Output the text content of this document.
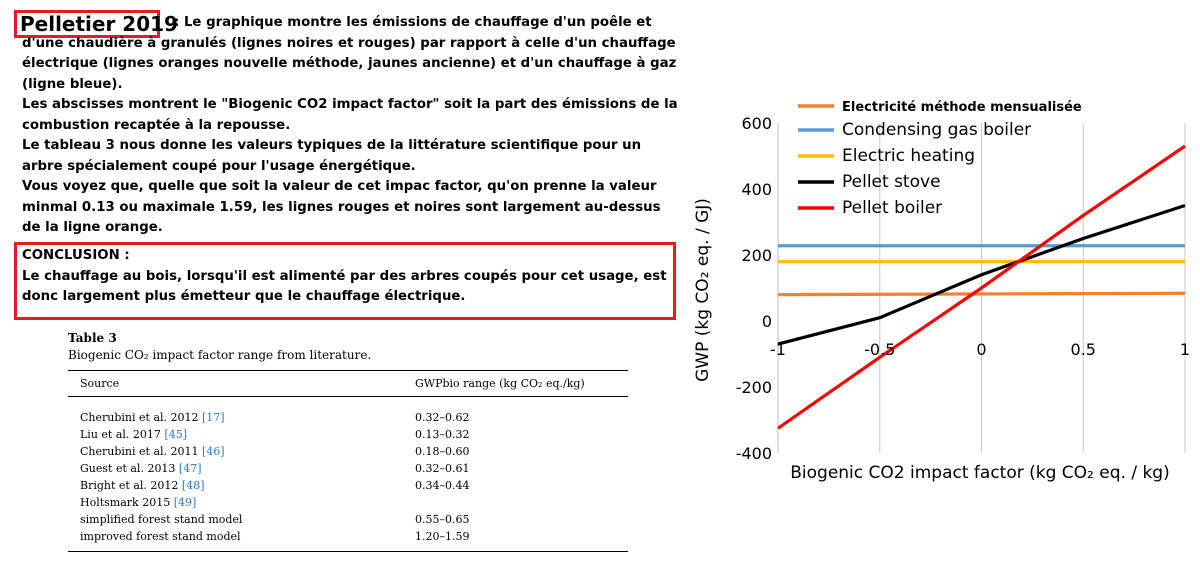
Pelletier 2019

: Le graphique montre les émissions de chauffage d'un poêle et d'une chaudière à granulés (lignes noires et rouges) par rapport à celle d'un chauffage électrique (lignes oranges nouvelle méthode, jaunes ancienne) et d'un chauffage à gaz (ligne bleue).

Les abscisses montrent le "Biogenic CO2 impact factor" soit la part des émissions de la combustion recaptée à la repousse.

Le tableau 3 nous donne les valeurs typiques de la littérature scientifique pour un arbre spécialement coupé pour l'usage énergétique.

Vous voyez que, quelle que soit la valeur de cet impac factor, qu'on prenne la valeur minmal 0.13 ou maximale 1.59, les lignes rouges et noires sont largement au-dessus de la ligne orange.

CONCLUSION :

Le chauffage au bois, lorsqu'il est alimenté par des arbres coupés pour cet usage, est donc largement plus émetteur que le chauffage électrique.

Table 3
Biogenic CO₂ impact factor range from literature.
Source	GWPbio range (kg CO₂ eq./kg)
Cherubini et al. 2012 [17]	0.32–0.62
Liu et al. 2017 [45]	0.13–0.32
Cherubini et al. 2011 [46]	0.18–0.60
Guest et al. 2013 [47]	0.32–0.61
Bright et al. 2012 [48]	0.34–0.44
Holtsmark 2015 [49]
simplified forest stand model	0.55–0.65
improved forest stand model	1.20–1.59
-1	-0.5	0	0.5	1
600
400
200
0
-200
-400
Electricité méthode mensualisée
Condensing gas boiler
Electric heating
Pellet stove
Pellet boiler
Biogenic CO2 impact factor (kg CO₂ eq. / kg)
GWP (kg CO₂ eq. / GJ)
